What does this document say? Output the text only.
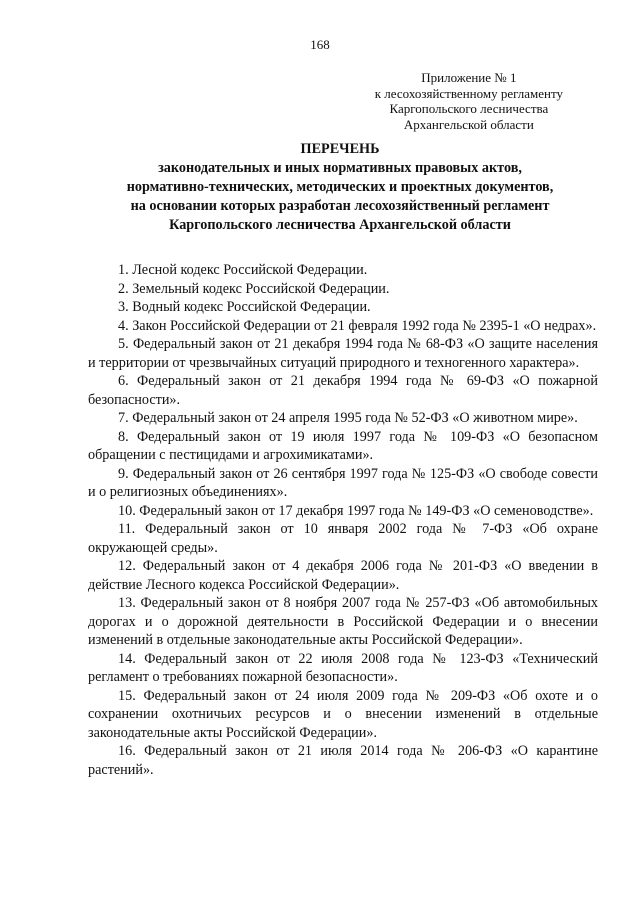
168
Приложение № 1
к лесохозяйственному регламенту
Каргопольского лесничества
Архангельской области
ПЕРЕЧЕНЬ
законодательных и иных нормативных правовых актов,
нормативно-технических, методических и проектных документов,
на основании которых разработан лесохозяйственный регламент
Каргопольского лесничества Архангельской области

1. Лесной кодекс Российской Федерации.

2. Земельный кодекс Российской Федерации.

3. Водный кодекс Российской Федерации.

4. Закон Российской Федерации от 21 февраля 1992 года № 2395-1 «О недрах».

5. Федеральный закон от 21 декабря 1994 года № 68-ФЗ «О защите населения и территории от чрезвычайных ситуаций природного и техногенного характера».

6. Федеральный закон от 21 декабря 1994 года № 69-ФЗ «О пожарной безопасности».

7. Федеральный закон от 24 апреля 1995 года № 52-ФЗ «О животном мире».

8. Федеральный закон от 19 июля 1997 года № 109-ФЗ «О безопасном обращении с пестицидами и агрохимикатами».

9. Федеральный закон от 26 сентября 1997 года № 125-ФЗ «О свободе совести и о религиозных объединениях».

10. Федеральный закон от 17 декабря 1997 года № 149-ФЗ «О семеноводстве».

11. Федеральный закон от 10 января 2002 года № 7-ФЗ «Об охране окружающей среды».

12. Федеральный закон от 4 декабря 2006 года № 201-ФЗ «О введении в действие Лесного кодекса Российской Федерации».

13. Федеральный закон от 8 ноября 2007 года № 257-ФЗ «Об автомобильных дорогах и о дорожной деятельности в Российской Федерации и о внесении изменений в отдельные законодательные акты Российской Федерации».

14. Федеральный закон от 22 июля 2008 года № 123-ФЗ «Технический регламент о требованиях пожарной безопасности».

15. Федеральный закон от 24 июля 2009 года № 209-ФЗ «Об охоте и о сохранении охотничьих ресурсов и о внесении изменений в отдельные законодательные акты Российской Федерации».

16. Федеральный закон от 21 июля 2014 года № 206-ФЗ «О карантине растений».
